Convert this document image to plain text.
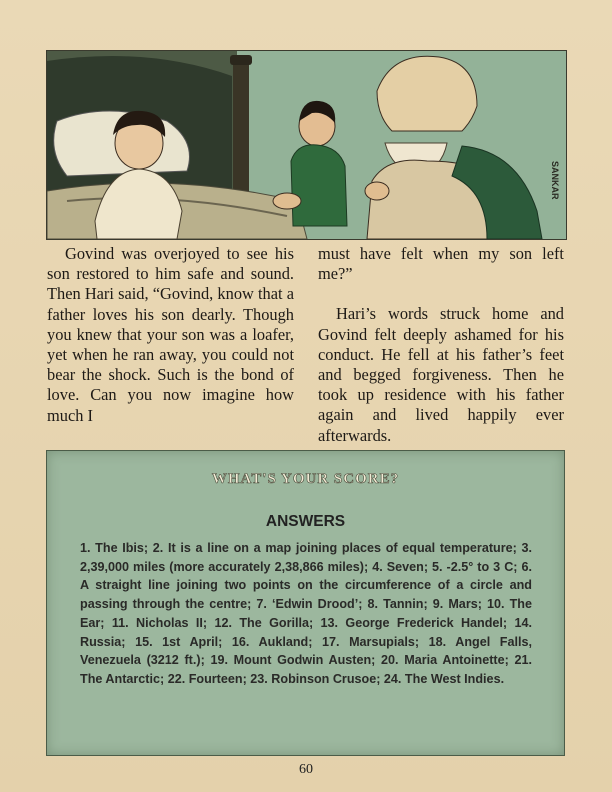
SANKAR

Govind was overjoyed to see his son restored to him safe and sound. Then Hari said, “Govind, know that a father loves his son dearly. Though you knew that your son was a loafer, yet when he ran away, you could not bear the shock. Such is the bond of love. Can you now imagine how much I

must have felt when my son left me?”

Hari’s words struck home and Govind felt deeply ashamed for his conduct. He fell at his father’s feet and begged forgiveness. Then he took up residence with his father again and lived happily ever afterwards.

WHAT'S YOUR SCORE?
ANSWERS
1. The Ibis; 2. It is a line on a map joining places of equal temperature; 3. 2,39,000 miles (more accurately 2,38,866 miles); 4. Seven; 5. -2.5° to 3 C; 6. A straight line joining two points on the circumference of a circle and passing through the centre; 7. ‘Edwin Drood’; 8. Tannin; 9. Mars; 10. The Ear; 11. Nicholas II; 12. The Gorilla; 13. George Frederick Handel; 14. Russia; 15. 1st April; 16. Aukland; 17. Marsupials; 18. Angel Falls, Venezuela (3212 ft.); 19. Mount Godwin Austen; 20. Maria Antoinette; 21. The Antarctic; 22. Fourteen; 23. Robinson Crusoe; 24. The West Indies.
60
